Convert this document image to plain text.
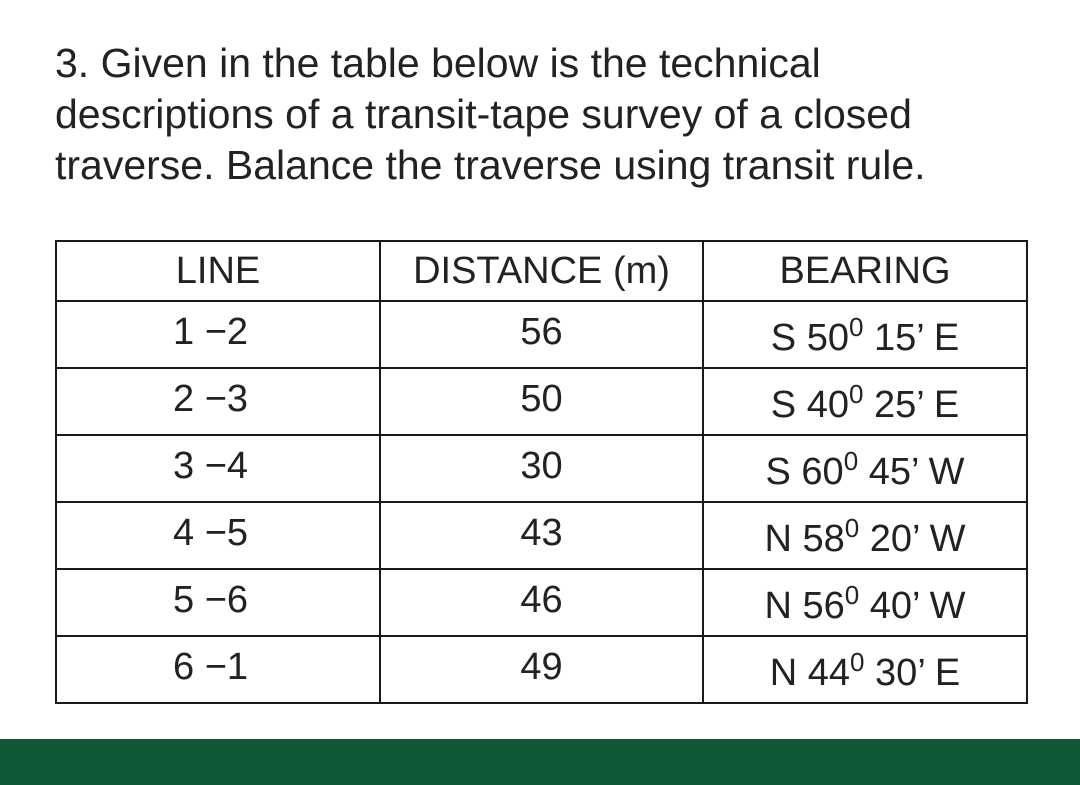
3. Given in the table below is the technical
descriptions of a transit-tape survey of a closed
traverse. Balance the traverse using transit rule.
LINE	DISTANCE (m)	BEARING
1 −2	56	S $50^0$ 15’ E
2 −3	50	S $40^0$ 25’ E
3 −4	30	S $60^0$ 45’ W
4 −5	43	N $58^0$ 20’ W
5 −6	46	N $56^0$ 40’ W
6 −1	49	N $44^0$ 30’ E
